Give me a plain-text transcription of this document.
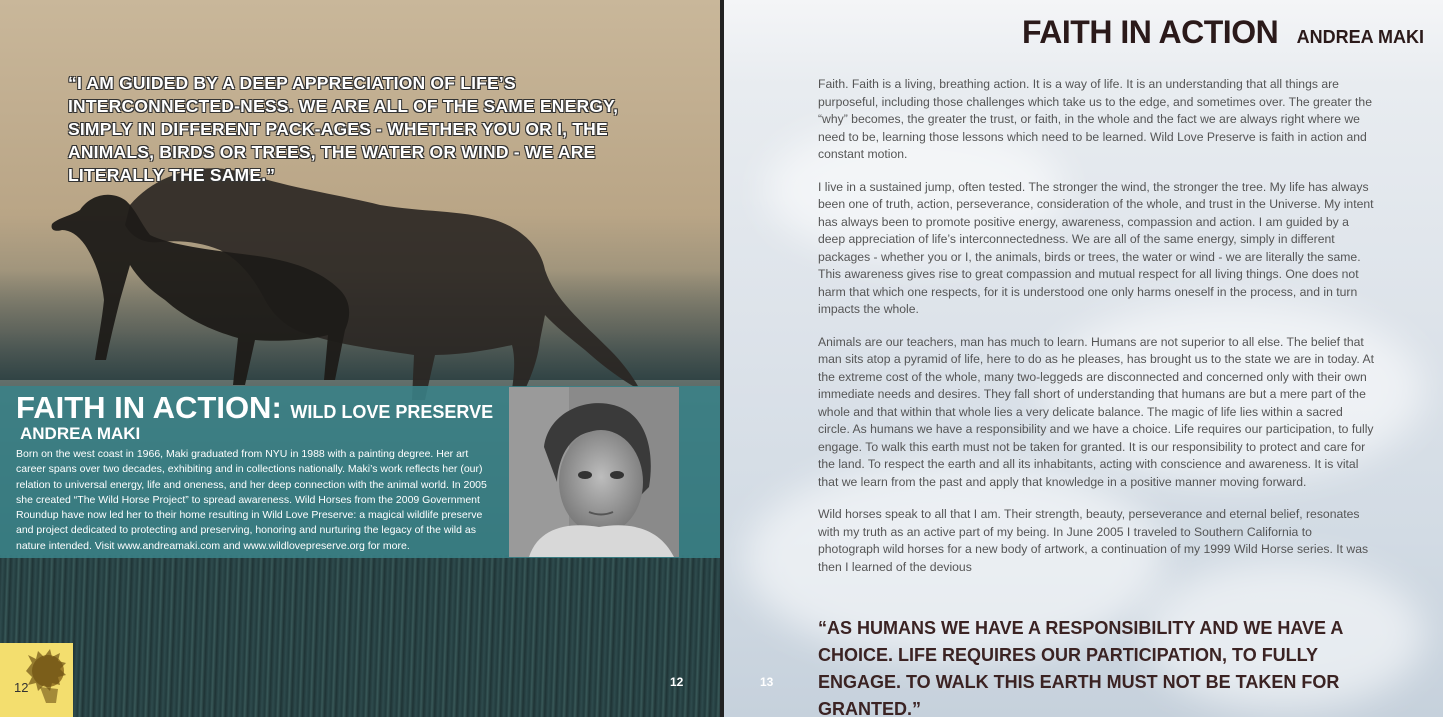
“I AM GUIDED BY A DEEP APPRECIATION OF LIFE’S INTERCONNECTED-NESS. WE ARE ALL OF THE SAME ENERGY, SIMPLY IN DIFFERENT PACK-AGES - WHETHER YOU OR I, THE ANIMALS, BIRDS OR TREES, THE WATER OR WIND - WE ARE LITERALLY THE SAME.”

FAITH IN ACTION: WILD LOVE PRESERVE

ANDREA MAKI

Born on the west coast in 1966, Maki graduated from NYU in 1988 with a painting degree. Her art career spans over two decades, exhibiting and in collections nationally. Maki’s work reflects her (our) relation to universal energy, life and oneness, and her deep connection with the animal world. In 2005 she created “The Wild Horse Project” to spread awareness. Wild Horses from the 2009 Government Roundup have now led her to their home resulting in Wild Love Preserve: a magical wildlife preserve and project dedicated to protecting and preserving, honoring and nurturing the legacy of the wild as nature intended. Visit www.andreamaki.com and www.wildlovepreserve.org for more.

12	12

FAITH IN ACTION ANDREA MAKI

Faith. Faith is a living, breathing action. It is a way of life. It is an understanding that all things are purposeful, including those challenges which take us to the edge, and sometimes over. The greater the “why” becomes, the greater the trust, or faith, in the whole and the fact we are always right where we need to be, learning those lessons which need to be learned. Wild Love Preserve is faith in action and constant motion.

I live in a sustained jump, often tested. The stronger the wind, the stronger the tree. My life has always been one of truth, action, perseverance, consideration of the whole, and trust in the Universe. My intent has always been to promote positive energy, awareness, compassion and action. I am guided by a deep appreciation of life’s interconnectedness. We are all of the same energy, simply in different packages - whether you or I, the animals, birds or trees, the water or wind - we are literally the same. This awareness gives rise to great compassion and mutual respect for all living things. One does not harm that which one respects, for it is understood one only harms oneself in the process, and in turn impacts the whole.

Animals are our teachers, man has much to learn. Humans are not superior to all else. The belief that man sits atop a pyramid of life, here to do as he pleases, has brought us to the state we are in today. At the extreme cost of the whole, many two-leggeds are disconnected and concerned only with their own immediate needs and desires. They fall short of understanding that humans are but a mere part of the whole and that within that whole lies a very delicate balance. The magic of life lies within a sacred circle. As humans we have a responsibility and we have a choice. Life requires our participation, to fully engage. To walk this earth must not be taken for granted. It is our responsibility to protect and care for the land. To respect the earth and all its inhabitants, acting with conscience and awareness. It is vital that we learn from the past and apply that knowledge in a positive manner moving forward.

Wild horses speak to all that I am. Their strength, beauty, perseverance and eternal belief, resonates with my truth as an active part of my being. In June 2005 I traveled to Southern California to photograph wild horses for a new body of artwork, a continuation of my 1999 Wild Horse series. It was then I learned of the devious

“AS HUMANS WE HAVE A RESPONSIBILITY AND WE HAVE A CHOICE. LIFE REQUIRES OUR PARTICIPATION, TO FULLY ENGAGE. TO WALK THIS EARTH MUST NOT BE TAKEN FOR GRANTED.”

13
